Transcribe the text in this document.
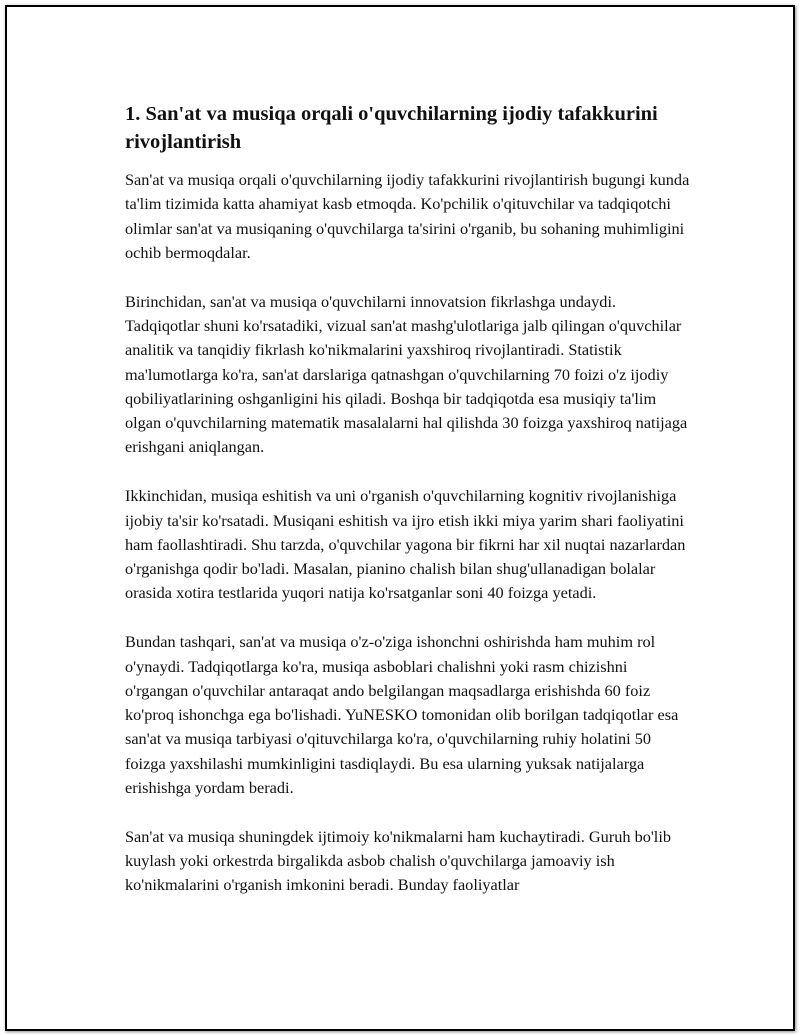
1. San'at va musiqa orqali o'quvchilarning ijodiy tafakkurini rivojlantirish

San'at va musiqa orqali o'quvchilarning ijodiy tafakkurini rivojlantirish bugungi kunda ta'lim tizimida katta ahamiyat kasb etmoqda. Ko'pchilik o'qituvchilar va tadqiqotchi olimlar san'at va musiqaning o'quvchilarga ta'sirini o'rganib, bu sohaning muhimligini ochib bermoqdalar.

Birinchidan, san'at va musiqa o'quvchilarni innovatsion fikrlashga undaydi. Tadqiqotlar shuni ko'rsatadiki, vizual san'at mashg'ulotlariga jalb qilingan o'quvchilar analitik va tanqidiy fikrlash ko'nikmalarini yaxshiroq rivojlantiradi. Statistik ma'lumotlarga ko'ra, san'at darslariga qatnashgan o'quvchilarning 70 foizi o'z ijodiy qobiliyatlarining oshganligini his qiladi. Boshqa bir tadqiqotda esa musiqiy ta'lim olgan o'quvchilarning matematik masalalarni hal qilishda 30 foizga yaxshiroq natijaga erishgani aniqlangan.

Ikkinchidan, musiqa eshitish va uni o'rganish o'quvchilarning kognitiv rivojlanishiga ijobiy ta'sir ko'rsatadi. Musiqani eshitish va ijro etish ikki miya yarim shari faoliyatini ham faollashtiradi. Shu tarzda, o'quvchilar yagona bir fikrni har xil nuqtai nazarlardan o'rganishga qodir bo'ladi. Masalan, pianino chalish bilan shug'ullanadigan bolalar orasida xotira testlarida yuqori natija ko'rsatganlar soni 40 foizga yetadi.

Bundan tashqari, san'at va musiqa o'z-o'ziga ishonchni oshirishda ham muhim rol o'ynaydi. Tadqiqotlarga ko'ra, musiqa asboblari chalishni yoki rasm chizishni o'rgangan o'quvchilar antaraqat ando belgilangan maqsadlarga erishishda 60 foiz ko'proq ishonchga ega bo'lishadi. YuNESKO tomonidan olib borilgan tadqiqotlar esa san'at va musiqa tarbiyasi o'qituvchilarga ko'ra, o'quvchilarning ruhiy holatini 50 foizga yaxshilashi mumkinligini tasdiqlaydi. Bu esa ularning yuksak natijalarga erishishga yordam beradi.

San'at va musiqa shuningdek ijtimoiy ko'nikmalarni ham kuchaytiradi. Guruh bo'lib kuylash yoki orkestrda birgalikda asbob chalish o'quvchilarga jamoaviy ish ko'nikmalarini o'rganish imkonini beradi. Bunday faoliyatlar
